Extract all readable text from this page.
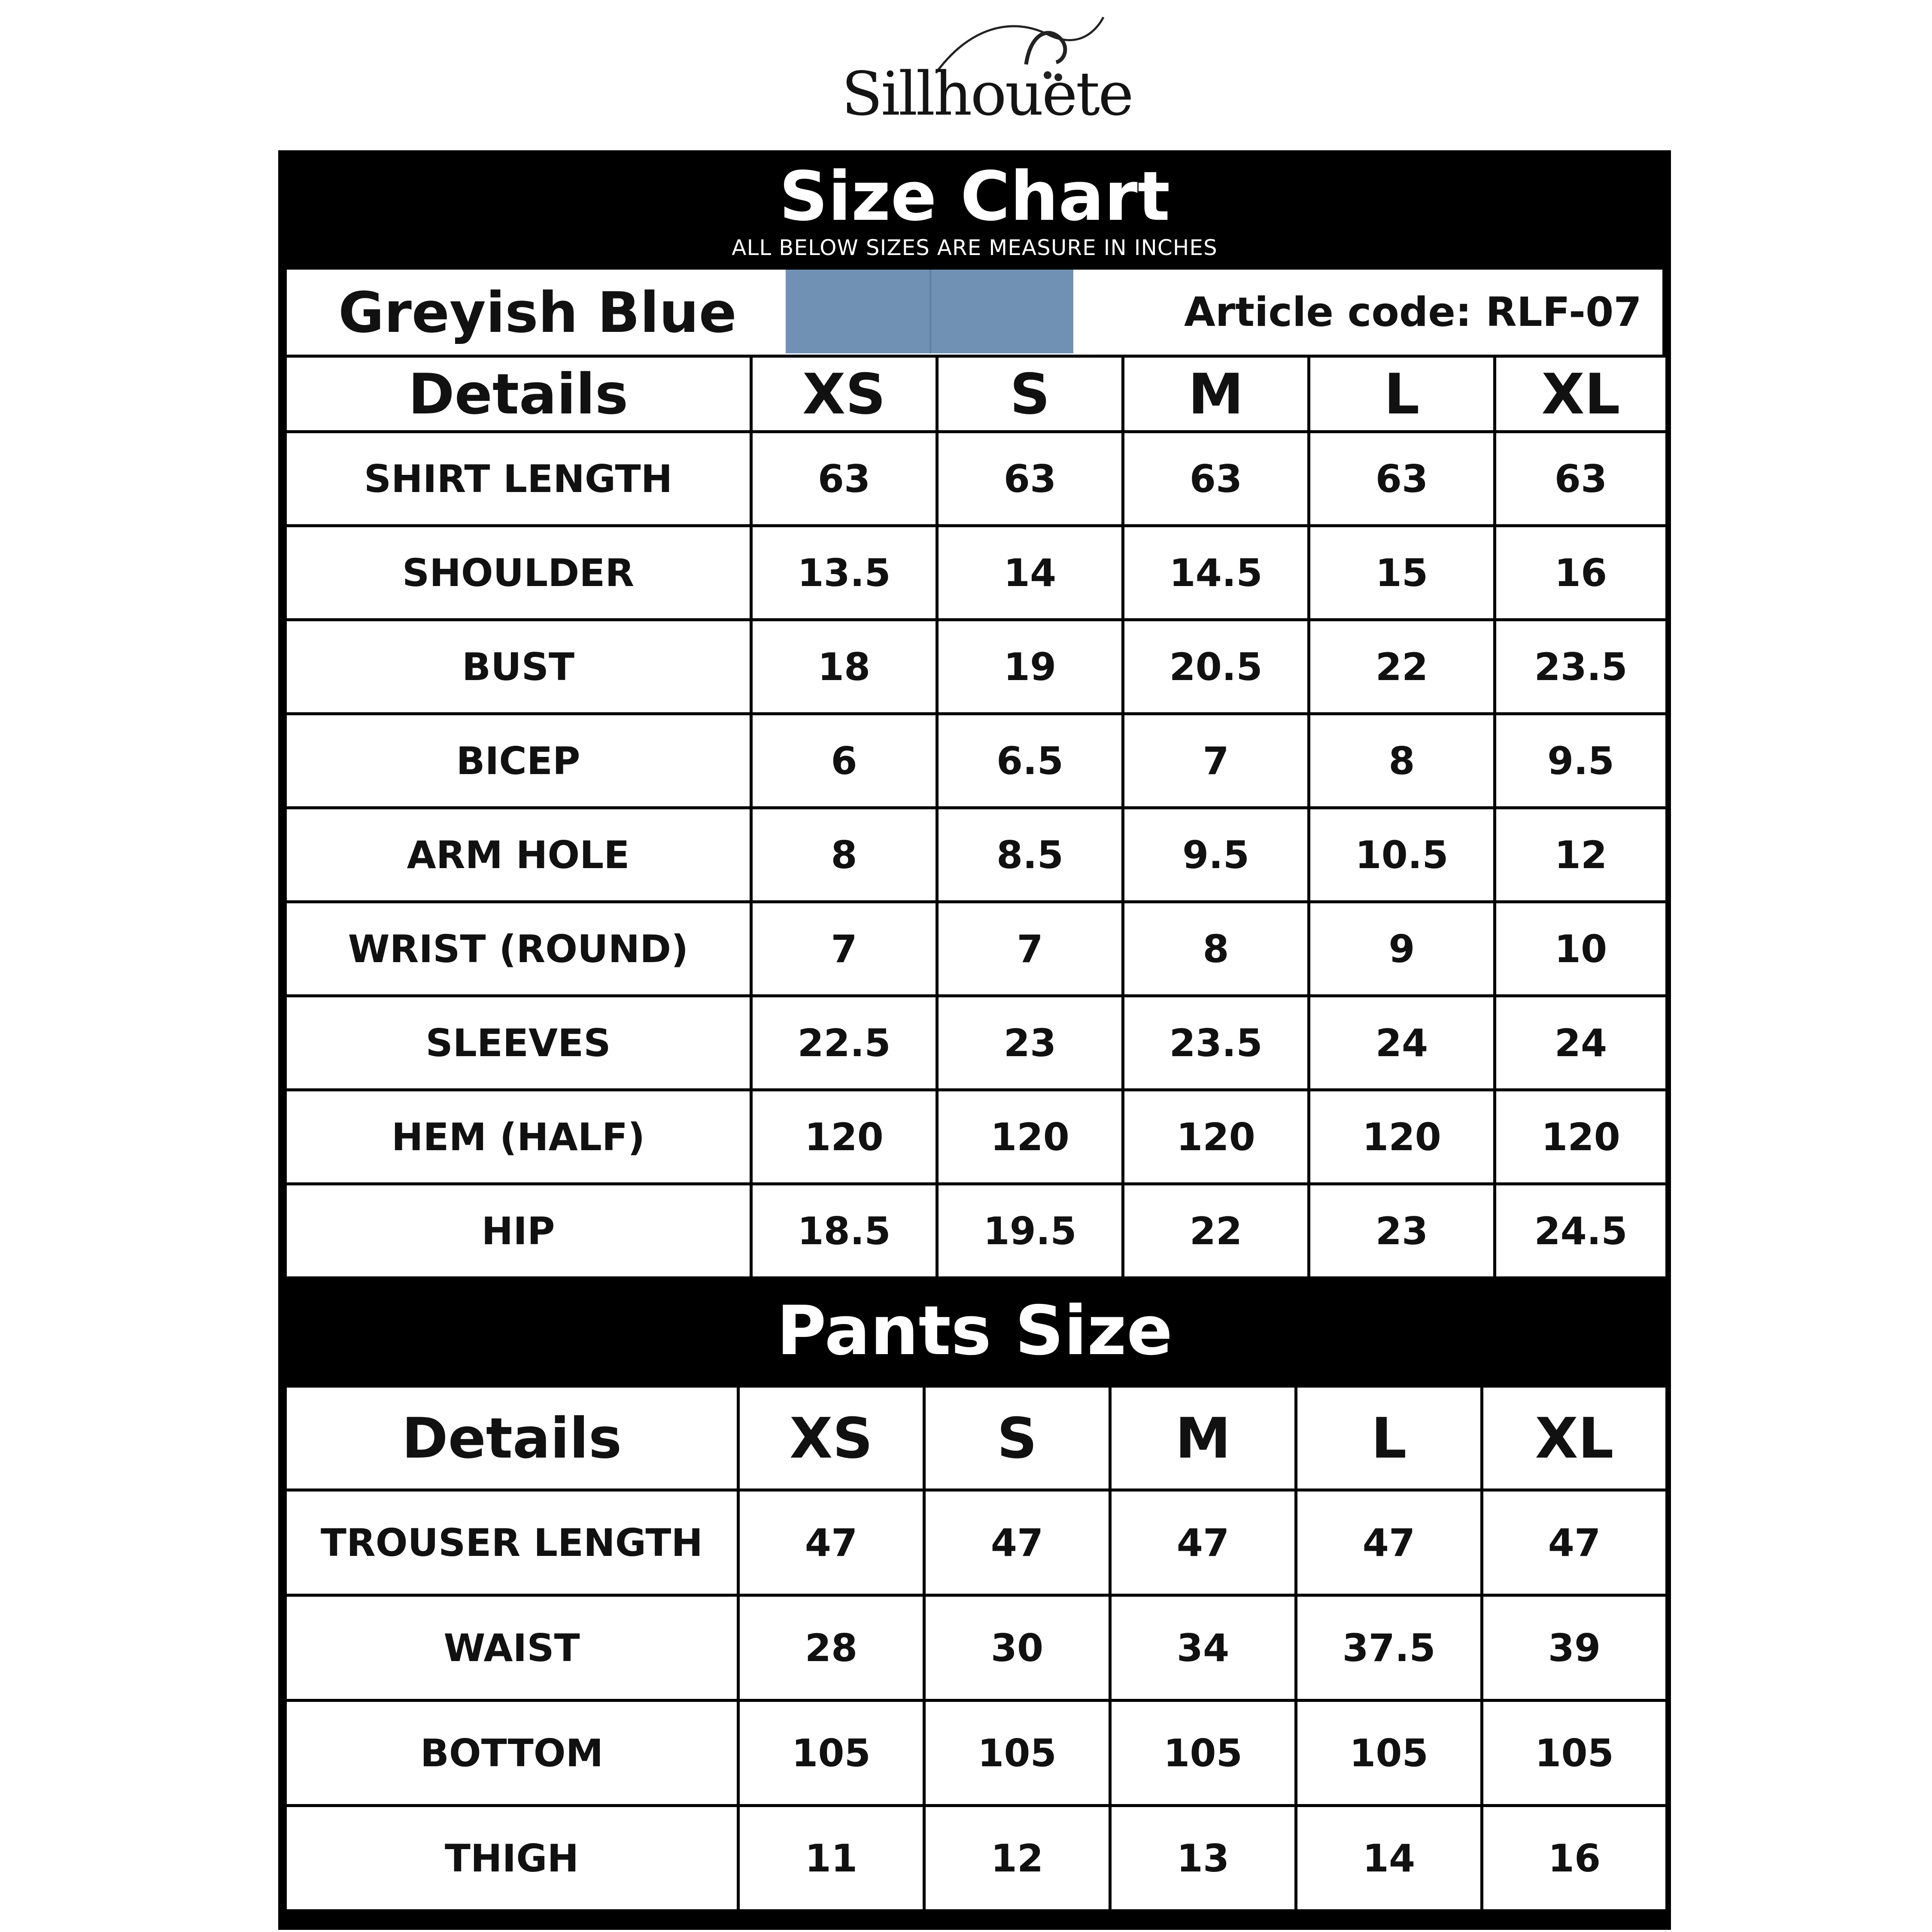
Sillhouete
Size Chart
ALL BELOW SIZES ARE MEASURE IN INCHES
Greyish Blue	Article code: RLF-07
Details	XS	S	M	L	XL
SHIRT LENGTH	63	63	63	63	63
SHOULDER	13.5	14	14.5	15	16
BUST	18	19	20.5	22	23.5
BICEP	6	6.5	7	8	9.5
ARM HOLE	8	8.5	9.5	10.5	12
WRIST (ROUND)	7	7	8	9	10
SLEEVES	22.5	23	23.5	24	24
HEM (HALF)	120	120	120	120	120
HIP	18.5	19.5	22	23	24.5
Pants Size
Details	XS	S	M	L	XL
TROUSER LENGTH	47	47	47	47	47
WAIST	28	30	34	37.5	39
BOTTOM	105	105	105	105	105
THIGH	11	12	13	14	16
